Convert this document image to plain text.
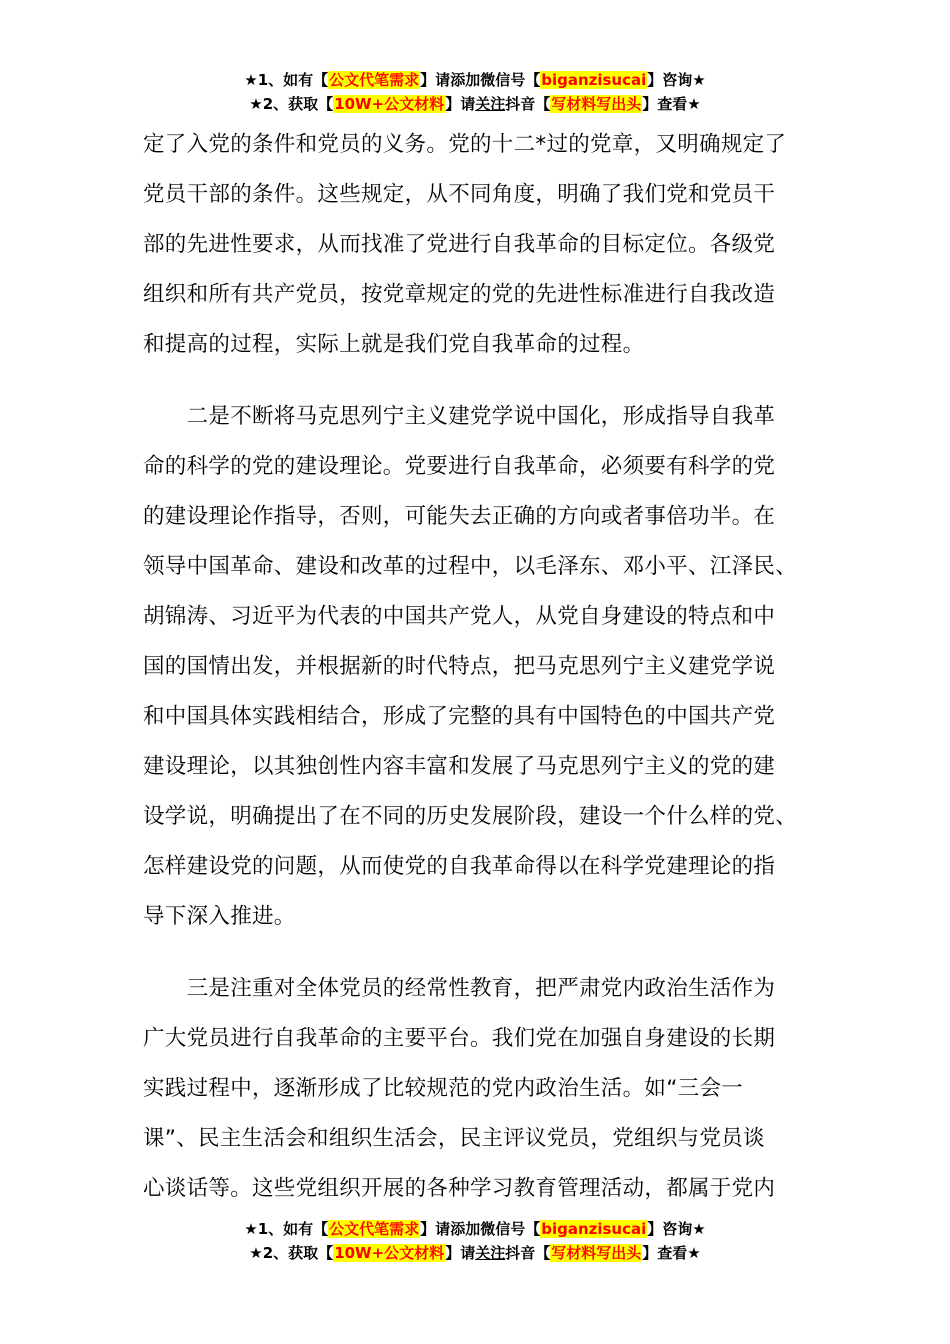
★1、如有【公文代笔需求】请添加微信号【biganzisucai】咨询★
★2、获取【10W+公文材料】请关注抖音【写材料写出头】查看★

定了入党的条件和党员的义务。党的十二*过的党章，又明确规定了
党员干部的条件。这些规定，从不同角度，明确了我们党和党员干
部的先进性要求，从而找准了党进行自我革命的目标定位。各级党
组织和所有共产党员，按党章规定的党的先进性标准进行自我改造
和提高的过程，实际上就是我们党自我革命的过程。

　　二是不断将马克思列宁主义建党学说中国化，形成指导自我革
命的科学的党的建设理论。党要进行自我革命，必须要有科学的党
的建设理论作指导，否则，可能失去正确的方向或者事倍功半。在
领导中国革命、建设和改革的过程中，以毛泽东、邓小平、江泽民、
胡锦涛、习近平为代表的中国共产党人，从党自身建设的特点和中
国的国情出发，并根据新的时代特点，把马克思列宁主义建党学说
和中国具体实践相结合，形成了完整的具有中国特色的中国共产党
建设理论，以其独创性内容丰富和发展了马克思列宁主义的党的建
设学说，明确提出了在不同的历史发展阶段，建设一个什么样的党、
怎样建设党的问题，从而使党的自我革命得以在科学党建理论的指
导下深入推进。

　　三是注重对全体党员的经常性教育，把严肃党内政治生活作为
广大党员进行自我革命的主要平台。我们党在加强自身建设的长期
实践过程中，逐渐形成了比较规范的党内政治生活。如“三会一
课”、民主生活会和组织生活会，民主评议党员，党组织与党员谈
心谈话等。这些党组织开展的各种学习教育管理活动，都属于党内

★1、如有【公文代笔需求】请添加微信号【biganzisucai】咨询★
★2、获取【10W+公文材料】请关注抖音【写材料写出头】查看★
